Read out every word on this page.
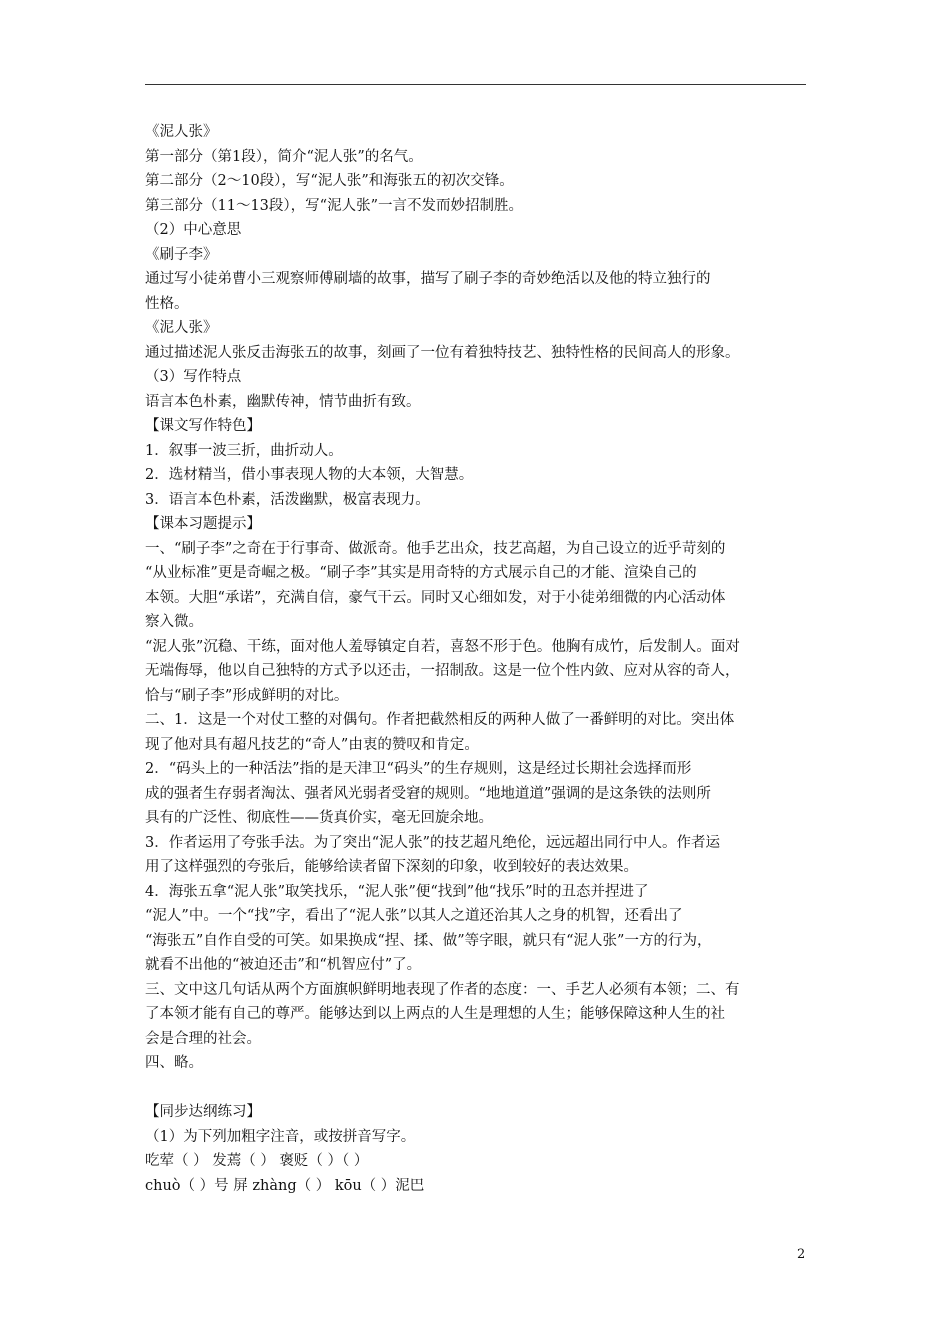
《泥人张》
第一部分（第1段），简介“泥人张”的名气。
第二部分（2～10段），写“泥人张”和海张五的初次交锋。
第三部分（11～13段），写“泥人张”一言不发而妙招制胜。
（2）中心意思
《刷子李》
通过写小徒弟曹小三观察师傅刷墙的故事，描写了刷子李的奇妙绝活以及他的特立独行的
性格。
《泥人张》
通过描述泥人张反击海张五的故事，刻画了一位有着独特技艺、独特性格的民间高人的形象。
（3）写作特点
语言本色朴素，幽默传神，情节曲折有致。
【课文写作特色】
1．叙事一波三折，曲折动人。
2．选材精当，借小事表现人物的大本领，大智慧。
3．语言本色朴素，活泼幽默，极富表现力。
【课本习题提示】
一、“刷子李”之奇在于行事奇、做派奇。他手艺出众，技艺高超，为自己设立的近乎苛刻的
“从业标准”更是奇崛之极。“刷子李”其实是用奇特的方式展示自己的才能、渲染自己的
本领。大胆“承诺”，充满自信，豪气干云。同时又心细如发，对于小徒弟细微的内心活动体
察入微。
“泥人张”沉稳、干练，面对他人羞辱镇定自若，喜怒不形于色。他胸有成竹，后发制人。面对
无端侮辱，他以自己独特的方式予以还击，一招制敌。这是一位个性内敛、应对从容的奇人，
恰与“刷子李”形成鲜明的对比。
二、1．这是一个对仗工整的对偶句。作者把截然相反的两种人做了一番鲜明的对比。突出体
现了他对具有超凡技艺的“奇人”由衷的赞叹和肯定。
2．“码头上的一种活法”指的是天津卫“码头”的生存规则，这是经过长期社会选择而形
成的强者生存弱者淘汰、强者风光弱者受窘的规则。“地地道道”强调的是这条铁的法则所
具有的广泛性、彻底性——货真价实，毫无回旋余地。
3．作者运用了夸张手法。为了突出“泥人张”的技艺超凡绝伦，远远超出同行中人。作者运
用了这样强烈的夸张后，能够给读者留下深刻的印象，收到较好的表达效果。
4．海张五拿“泥人张”取笑找乐，“泥人张”便“找到”他“找乐”时的丑态并捏进了
“泥人”中。一个“找”字，看出了“泥人张”以其人之道还治其人之身的机智，还看出了
“海张五”自作自受的可笑。如果换成“捏、揉、做”等字眼，就只有“泥人张”一方的行为，
就看不出他的“被迫还击”和“机智应付”了。
三、文中这几句话从两个方面旗帜鲜明地表现了作者的态度：一、手艺人必须有本领；二、有
了本领才能有自己的尊严。能够达到以上两点的人生是理想的人生；能够保障这种人生的社
会是合理的社会。
四、略。
【同步达纲练习】
（1）为下列加粗字注音，或按拼音写字。
吃荤（ ） 发蔫（ ） 褒贬（ ）（ ）
chuò（ ）号 屏 zhàng（ ） kōu（ ）泥巴
2
